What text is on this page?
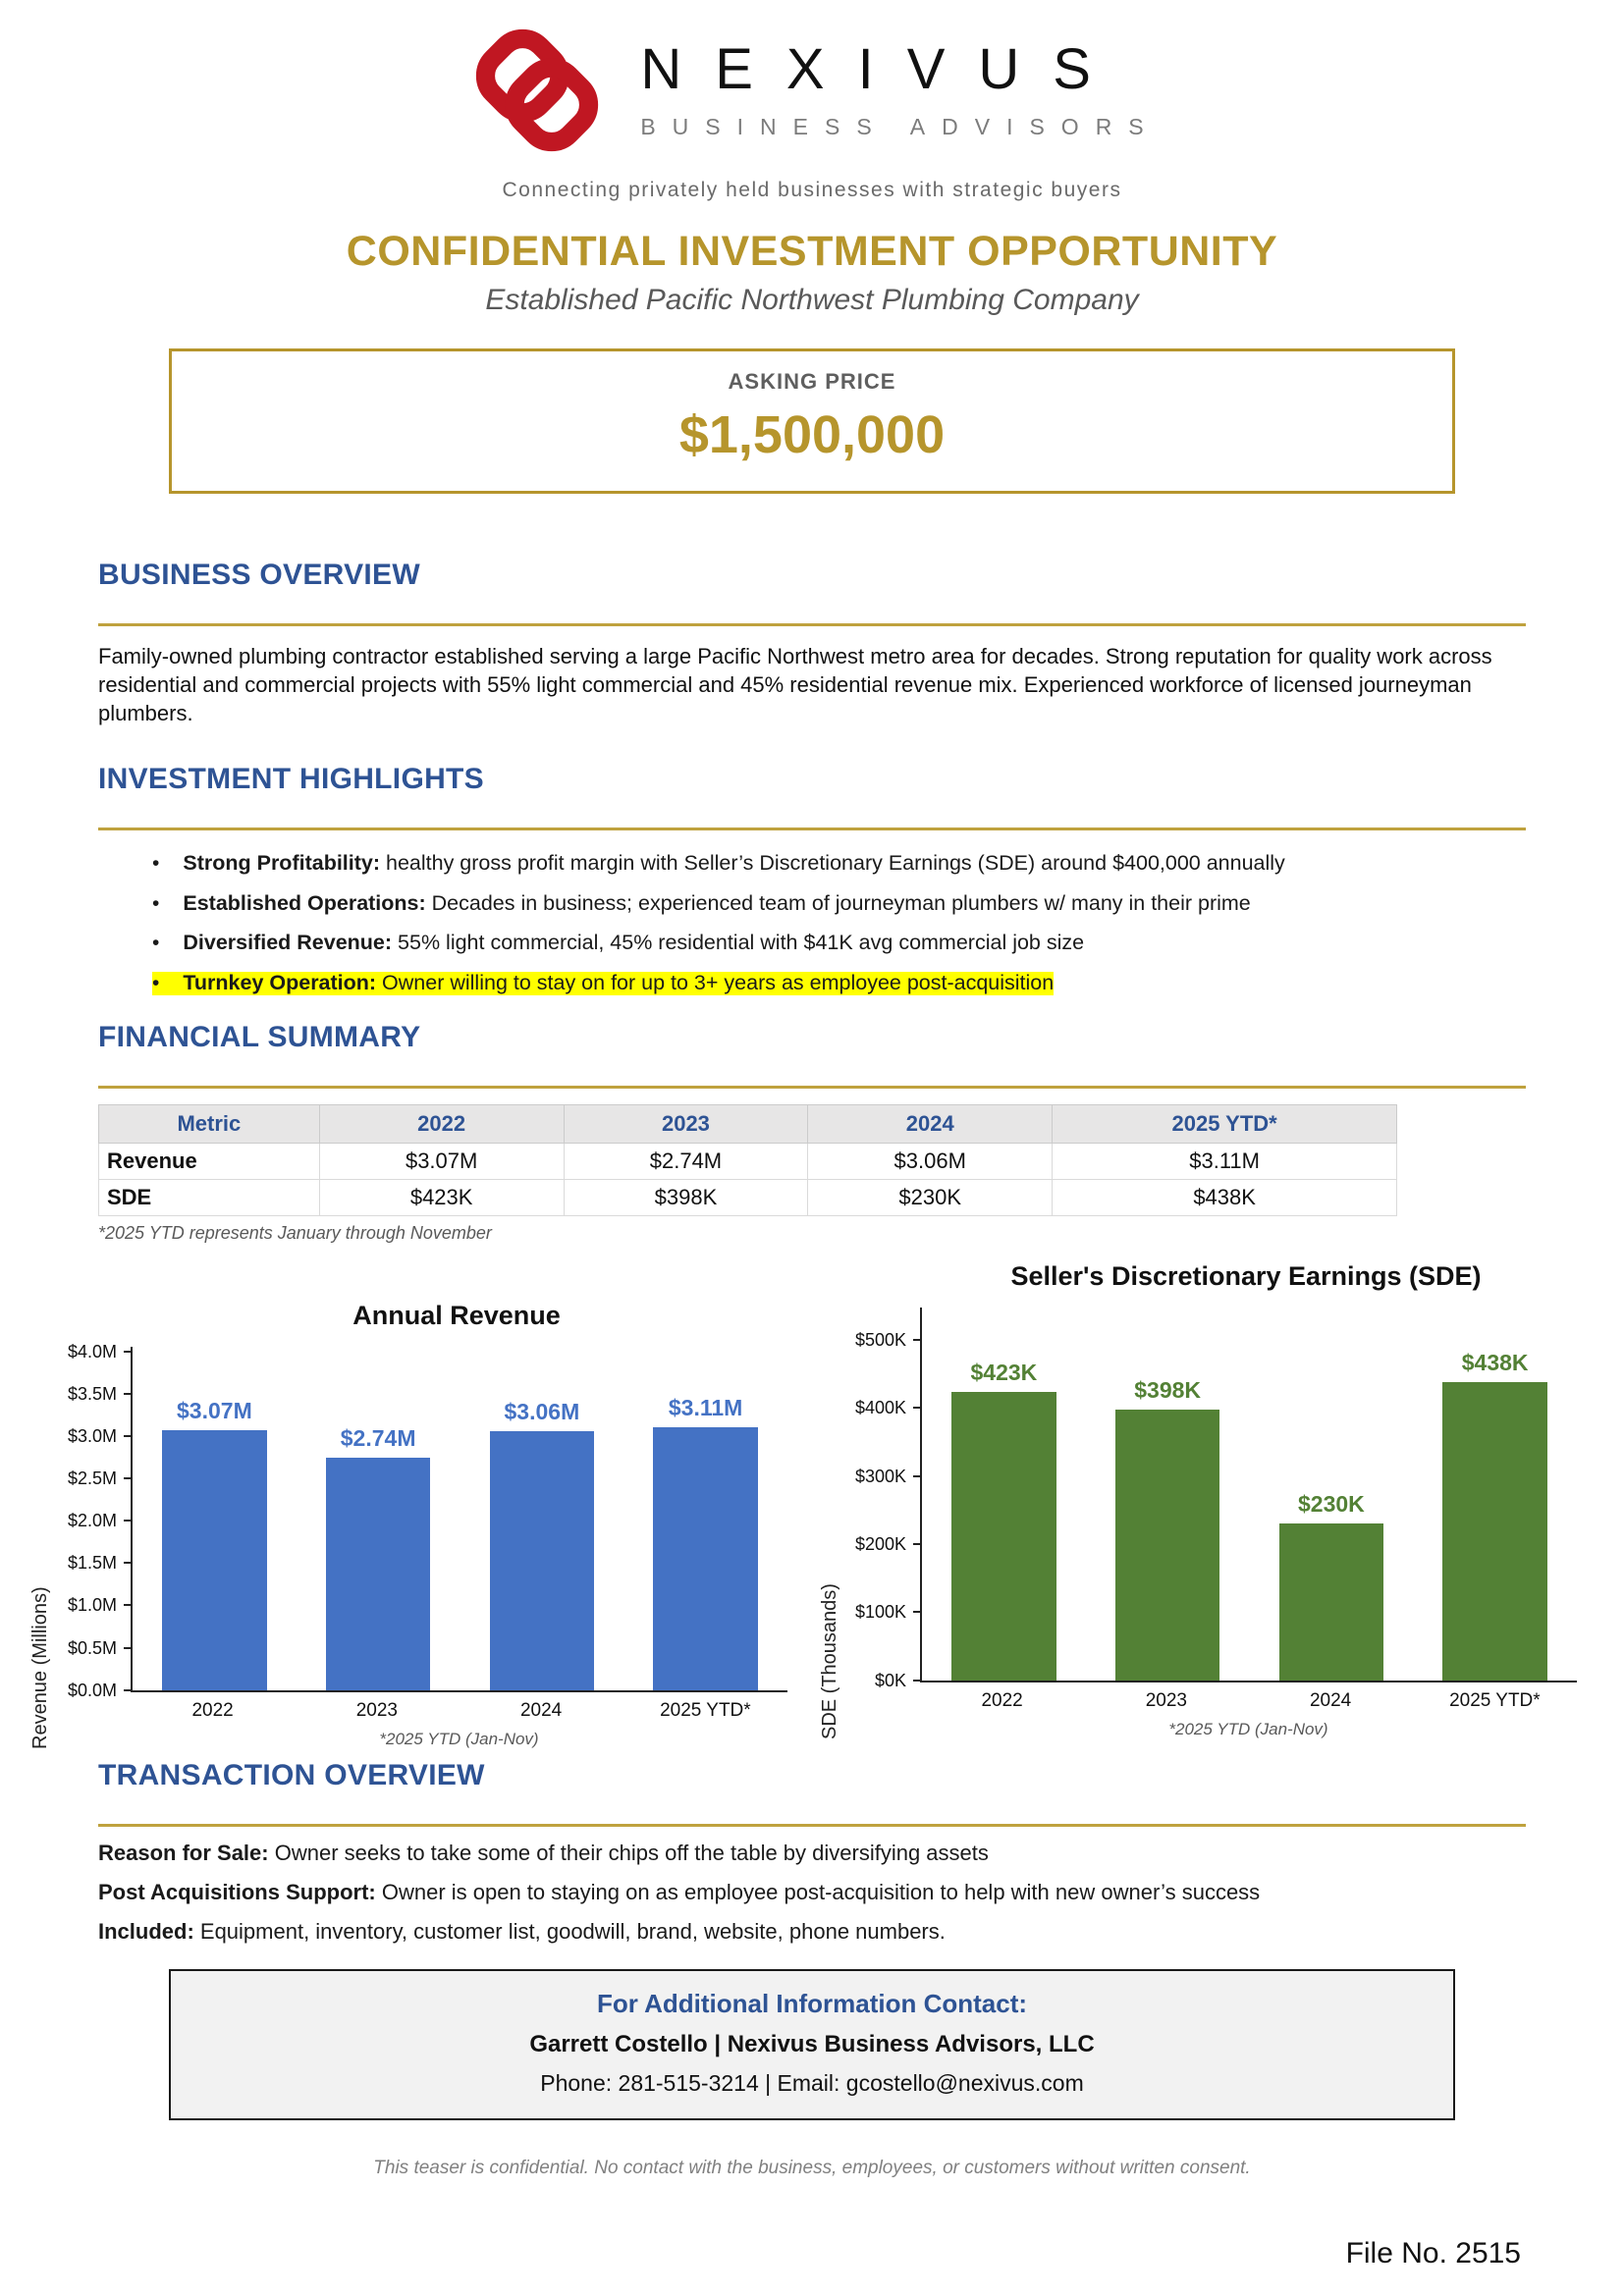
NEXIVUS
BUSINESS ADVISORS
Connecting privately held businesses with strategic buyers
CONFIDENTIAL INVESTMENT OPPORTUNITY
Established Pacific Northwest Plumbing Company
ASKING PRICE
$1,500,000
BUSINESS OVERVIEW

Family-owned plumbing contractor established serving a large Pacific Northwest metro area for decades. Strong reputation for quality work across residential and commercial projects with 55% light commercial and 45% residential revenue mix. Experienced workforce of licensed journeyman plumbers.

INVESTMENT HIGHLIGHTS
• Strong Profitability: healthy gross profit margin with Seller’s Discretionary Earnings (SDE) around $400,000 annually
• Established Operations: Decades in business; experienced team of journeyman plumbers w/ many in their prime
• Diversified Revenue: 55% light commercial, 45% residential with $41K avg commercial job size
• Turnkey Operation: Owner willing to stay on for up to 3+ years as employee post-acquisition
FINANCIAL SUMMARY
Metric	2022	2023	2024	2025 YTD*
Revenue	$3.07M	$2.74M	$3.06M	$3.11M
SDE	$423K	$398K	$230K	$438K
*2025 YTD represents January through November
Annual Revenue
Revenue (Millions)
$3.07M
$2.74M
$3.06M	$3.11M
$0.0M
$0.5M
$1.0M
$1.5M
$2.0M
$2.5M
$3.0M
$3.5M
$4.0M
2022	2023	2024	2025 YTD*
*2025 YTD (Jan-Nov)
Seller's Discretionary Earnings (SDE)
SDE (Thousands)
$423K
$398K
$230K
$438K
$0K
$100K
$200K
$300K
$400K
$500K
2022	2023	2024	2025 YTD*
*2025 YTD (Jan-Nov)
TRANSACTION OVERVIEW
Reason for Sale: Owner seeks to take some of their chips off the table by diversifying assets
Post Acquisitions Support: Owner is open to staying on as employee post-acquisition to help with new owner’s success
Included: Equipment, inventory, customer list, goodwill, brand, website, phone numbers.
For Additional Information Contact:
Garrett Costello | Nexivus Business Advisors, LLC
Phone: 281-515-3214 | Email: gcostello@nexivus.com
This teaser is confidential. No contact with the business, employees, or customers without written consent.
File No. 2515
